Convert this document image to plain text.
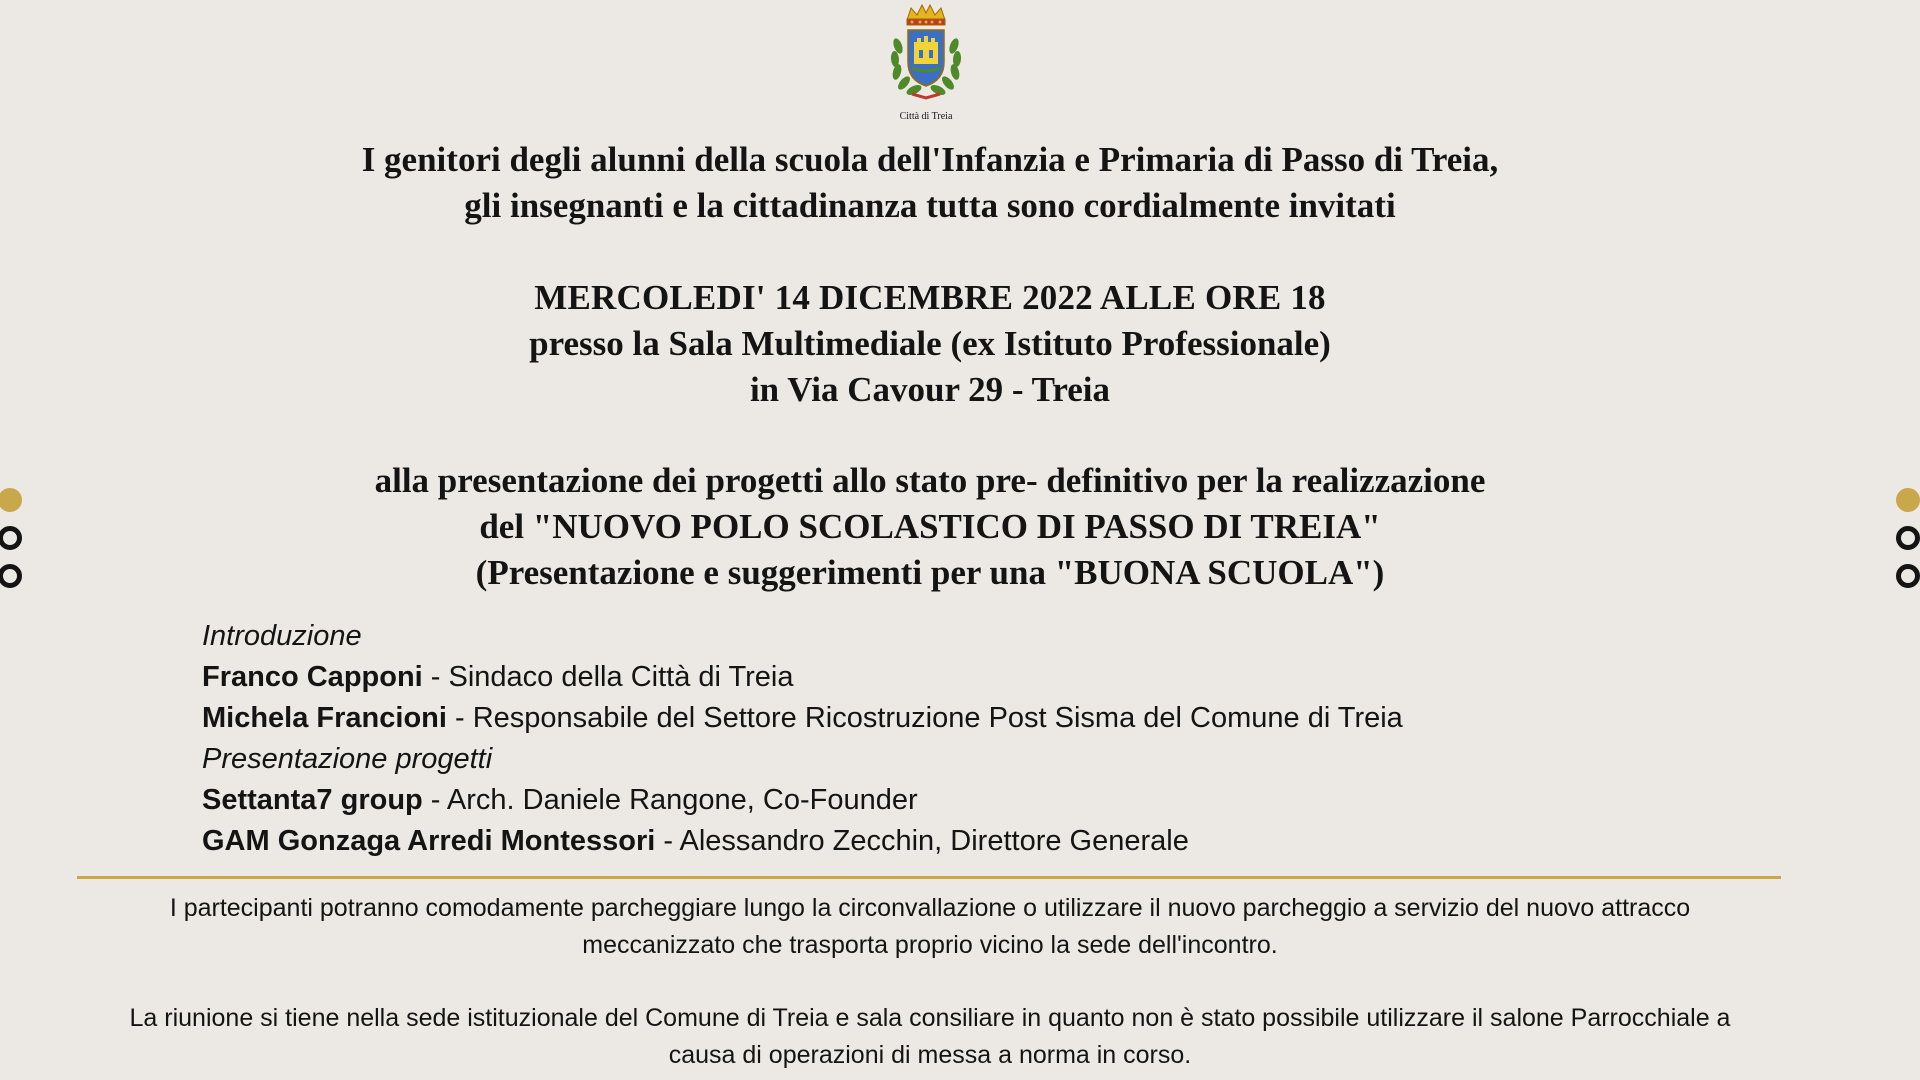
Città di Treia
I genitori degli alunni della scuola dell'Infanzia e Primaria di Passo di Treia,
gli insegnanti e la cittadinanza tutta sono cordialmente invitati
MERCOLEDI' 14 DICEMBRE 2022 ALLE ORE 18
presso la Sala Multimediale (ex Istituto Professionale)
in Via Cavour 29 - Treia
alla presentazione dei progetti allo stato pre- definitivo per la realizzazione
del "NUOVO POLO SCOLASTICO DI PASSO DI TREIA"
(Presentazione e suggerimenti per una "BUONA SCUOLA")
Introduzione
Franco Capponi - Sindaco della Città di Treia
Michela Francioni - Responsabile del Settore Ricostruzione Post Sisma del Comune di Treia
Presentazione progetti
Settanta7 group - Arch. Daniele Rangone, Co-Founder
GAM Gonzaga Arredi Montessori - Alessandro Zecchin, Direttore Generale
I partecipanti potranno comodamente parcheggiare lungo la circonvallazione o utilizzare il nuovo parcheggio a servizio del nuovo attracco
meccanizzato che trasporta proprio vicino la sede dell'incontro.
La riunione si tiene nella sede istituzionale del Comune di Treia e sala consiliare in quanto non è stato possibile utilizzare il salone Parrocchiale a
causa di operazioni di messa a norma in corso.
